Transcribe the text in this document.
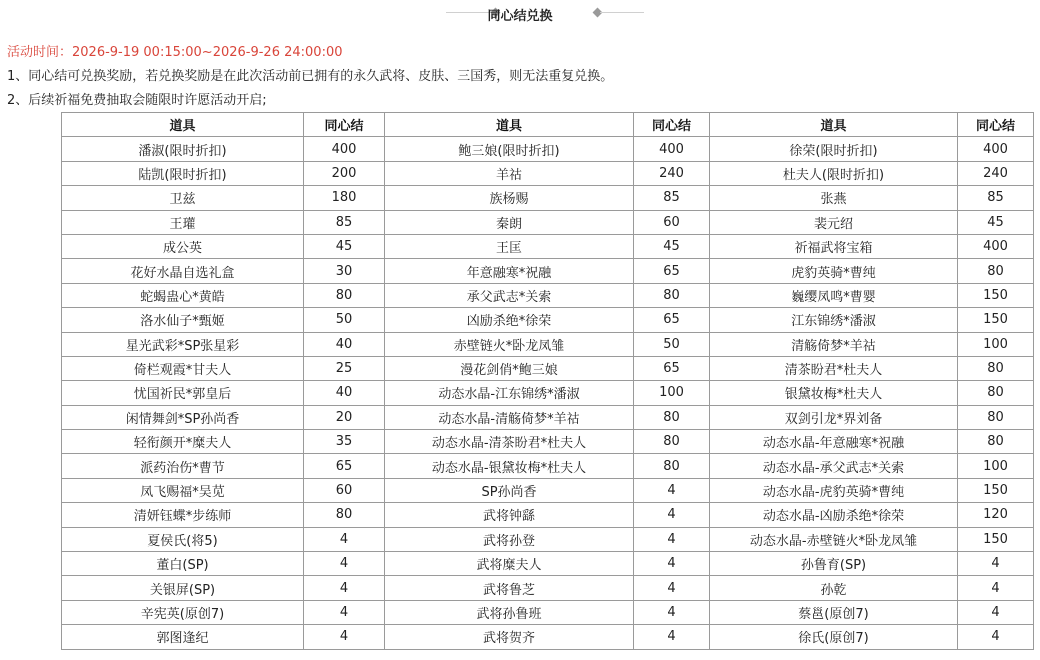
同心结兑换
活动时间：2026-9-19 00:15:00~2026-9-26 24:00:00
1、同心结可兑换奖励，若兑换奖励是在此次活动前已拥有的永久武将、皮肤、三国秀，则无法重复兑换。
2、后续祈福免费抽取会随限时许愿活动开启;
道具	同心结	道具	同心结	道具	同心结
潘淑(限时折扣)	400	鲍三娘(限时折扣)	400	徐荣(限时折扣)	400
陆凯(限时折扣)	200	羊祜	240	杜夫人(限时折扣)	240
卫兹	180	族杨赐	85	张燕	85
王瓘	85	秦朗	60	裴元绍	45
成公英	45	王匡	45	祈福武将宝箱	400
花好水晶自选礼盒	30	年意融寒*祝融	65	虎豹英骑*曹纯	80
蛇蝎蛊心*黄皓	80	承父武志*关索	80	巍缨凤鸣*曹婴	150
洛水仙子*甄姬	50	凶励杀绝*徐荣	65	江东锦绣*潘淑	150
星光武彩*SP张星彩	40	赤壁链火*卧龙凤雏	50	清觞倚梦*羊祜	100
倚栏观霞*甘夫人	25	漫花剑俏*鲍三娘	65	清茶盼君*杜夫人	80
忧国祈民*郭皇后	40	动态水晶-江东锦绣*潘淑	100	银黛妆梅*杜夫人	80
闲情舞剑*SP孙尚香	20	动态水晶-清觞倚梦*羊祜	80	双剑引龙*界刘备	80
轻衔颜开*糜夫人	35	动态水晶-清茶盼君*杜夫人	80	动态水晶-年意融寒*祝融	80
派药治伤*曹节	65	动态水晶-银黛妆梅*杜夫人	80	动态水晶-承父武志*关索	100
凤飞赐福*吴苋	60	SP孙尚香	4	动态水晶-虎豹英骑*曹纯	150
清妍钰蝶*步练师	80	武将钟繇	4	动态水晶-凶励杀绝*徐荣	120
夏侯氏(将5)	4	武将孙登	4	动态水晶-赤壁链火*卧龙凤雏	150
董白(SP)	4	武将糜夫人	4	孙鲁育(SP)	4
关银屏(SP)	4	武将鲁芝	4	孙乾	4
辛宪英(原创7)	4	武将孙鲁班	4	蔡邕(原创7)	4
郭图逢纪	4	武将贺齐	4	徐氏(原创7)	4
